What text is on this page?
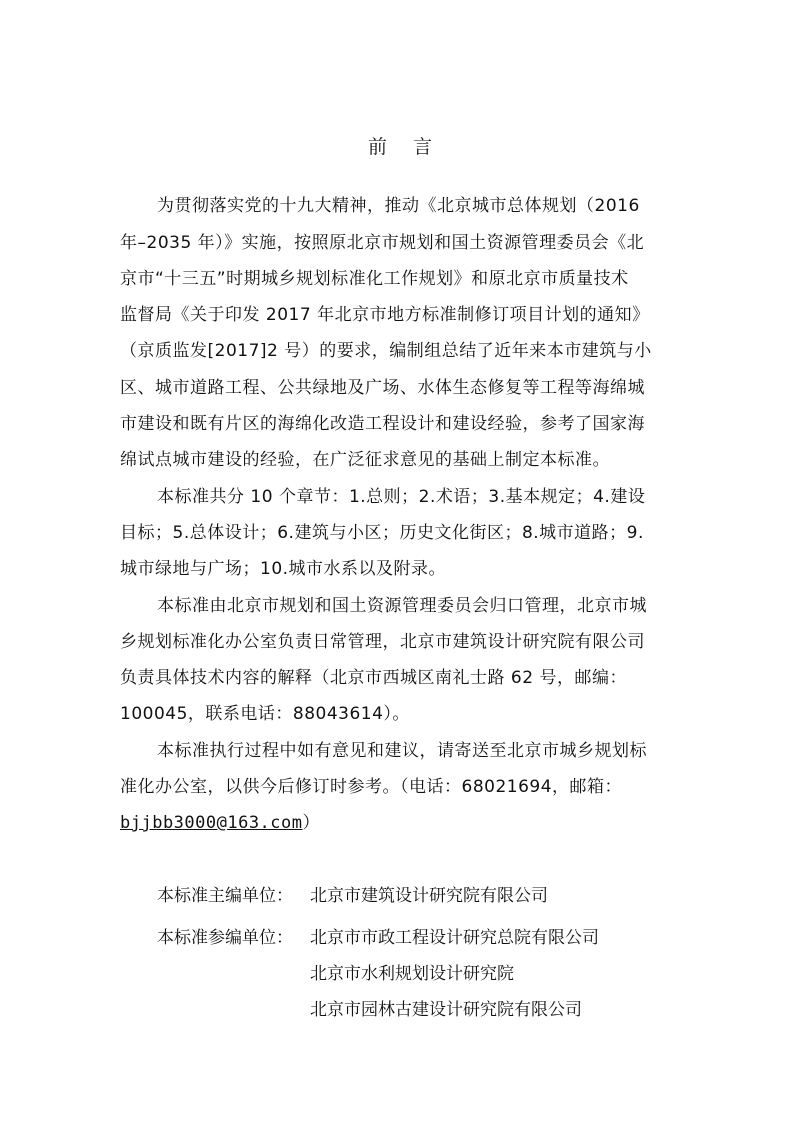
前 言
为贯彻落实党的十九大精神，推动《北京城市总体规划（2016
年–2035 年）》实施，按照原北京市规划和国土资源管理委员会《北
京市“十三五”时期城乡规划标准化工作规划》和原北京市质量技术
监督局《关于印发 2017 年北京市地方标准制修订项目计划的通知》
（京质监发[2017]2 号）的要求，编制组总结了近年来本市建筑与小
区、城市道路工程、公共绿地及广场、水体生态修复等工程等海绵城
市建设和既有片区的海绵化改造工程设计和建设经验，参考了国家海
绵试点城市建设的经验，在广泛征求意见的基础上制定本标准。
本标准共分 10 个章节：1.总则；2.术语；3.基本规定；4.建设
目标；5.总体设计；6.建筑与小区；历史文化街区；8.城市道路；9.
城市绿地与广场；10.城市水系以及附录。
本标准由北京市规划和国土资源管理委员会归口管理，北京市城
乡规划标准化办公室负责日常管理，北京市建筑设计研究院有限公司
负责具体技术内容的解释（北京市西城区南礼士路 62 号，邮编：
100045，联系电话：88043614）。
本标准执行过程中如有意见和建议，请寄送至北京市城乡规划标
准化办公室，以供今后修订时参考。（电话：68021694，邮箱：
bjjbb3000@163.com）
本标准主编单位： 北京市建筑设计研究院有限公司
本标准参编单位： 北京市市政工程设计研究总院有限公司
北京市水利规划设计研究院
北京市园林古建设计研究院有限公司
